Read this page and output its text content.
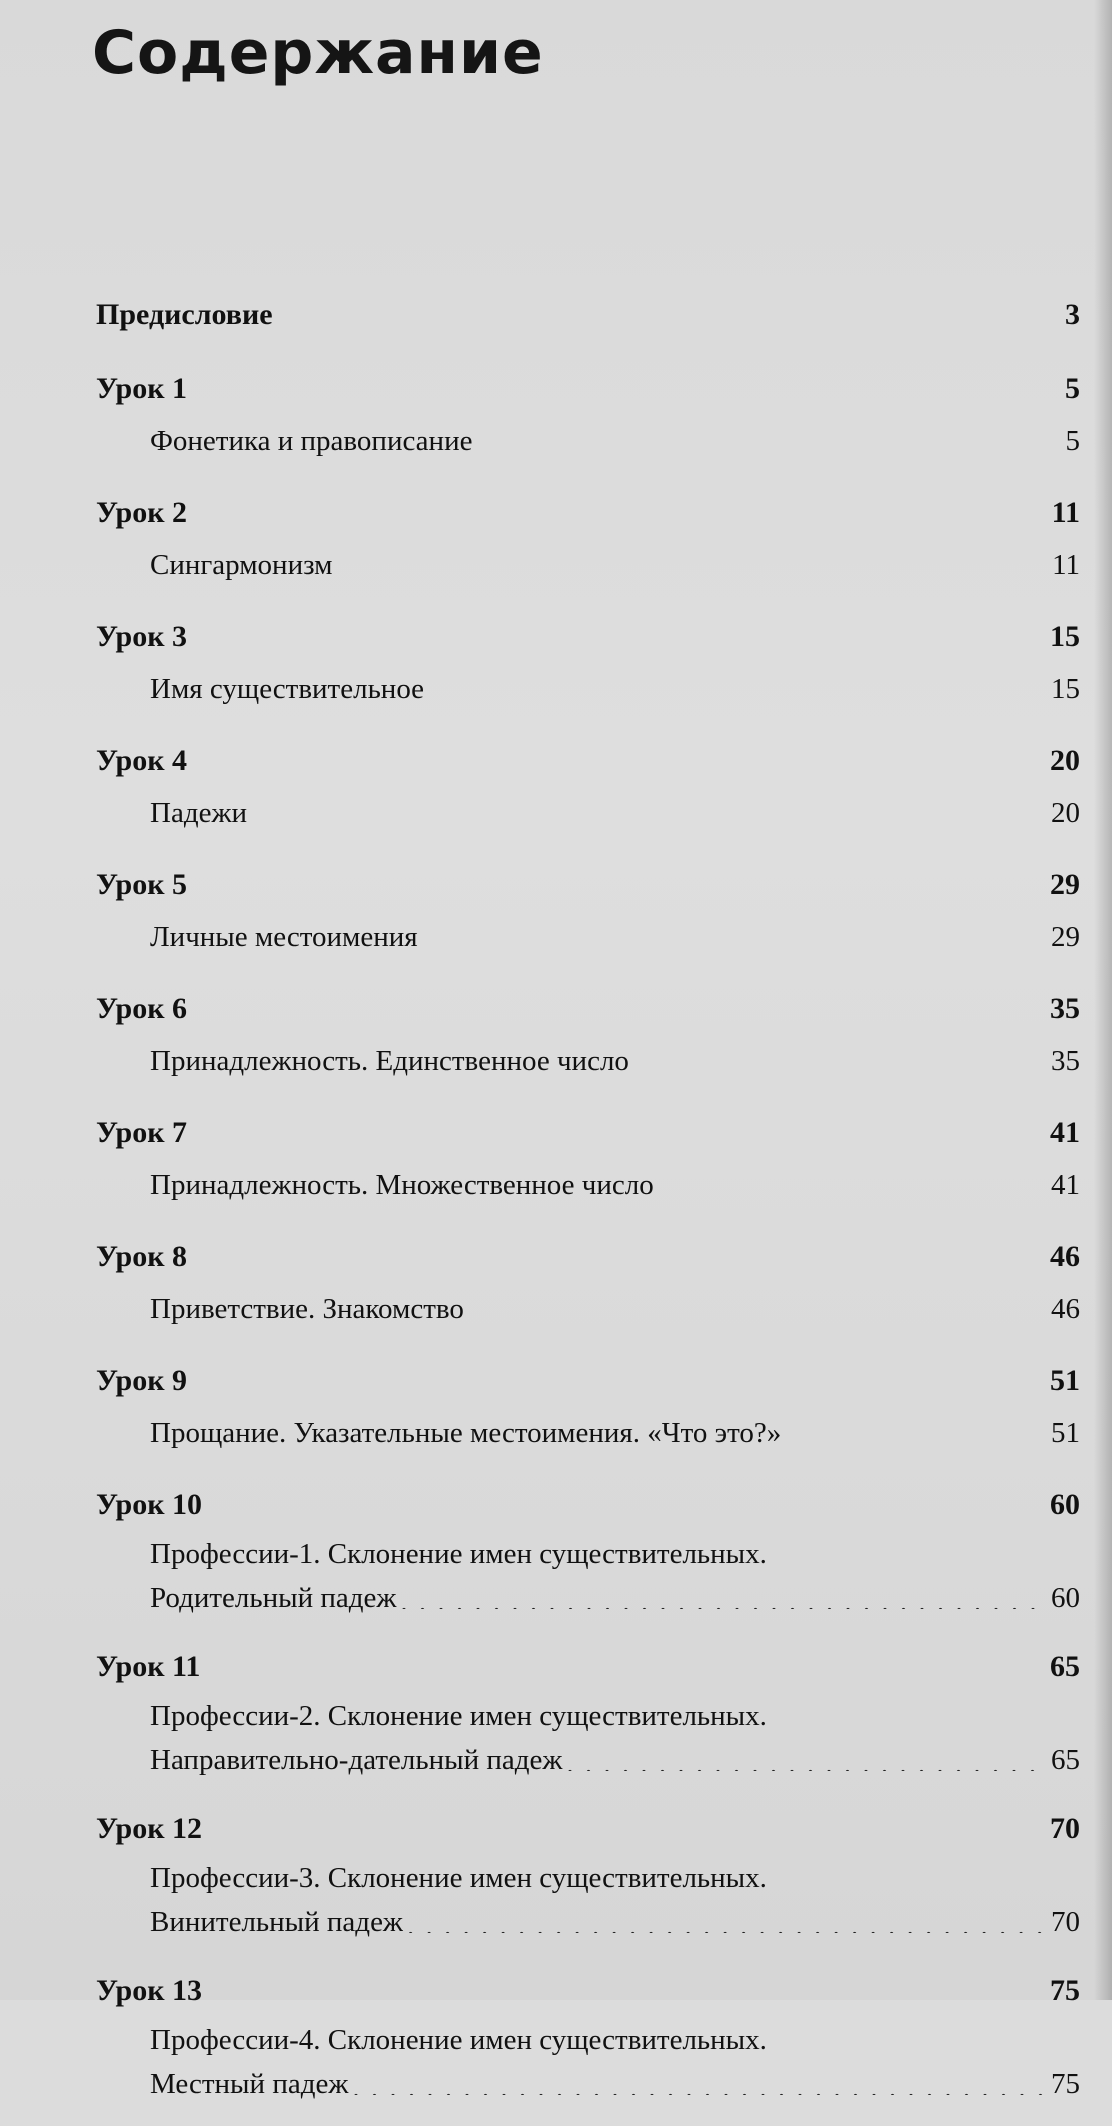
Содержание
Предисловие . . .	3
Урок 1 . . .	5
Фонетика и правописание . . .	5
Урок 2 . . .	11
Сингармонизм . . .	11
Урок 3 . . .	15
Имя существительное . . .	15
Урок 4 . . .	20
Падежи . . .	20
Урок 5 . . .	29
Личные местоимения . . .	29
Урок 6 . . .	35
Принадлежность. Единственное число . . .	35
Урок 7 . . .	41
Принадлежность. Множественное число . . .	41
Урок 8 . . .	46
Приветствие. Знакомство . . .	46
Урок 9 . . .	51
Прощание. Указательные местоимения. «Что это?» . . .	51
Урок 10 . . .	60
Профессии-1. Склонение имен существительных.
Родительный падеж . . .	60
Урок 11 . . .	65
Профессии-2. Склонение имен существительных.
Направительно-дательный падеж . . .	65
Урок 12 . . .	70
Профессии-3. Склонение имен существительных.
Винительный падеж . . .	70
Урок 13 . . .	75
Профессии-4. Склонение имен существительных.
Местный падеж . . .	75
